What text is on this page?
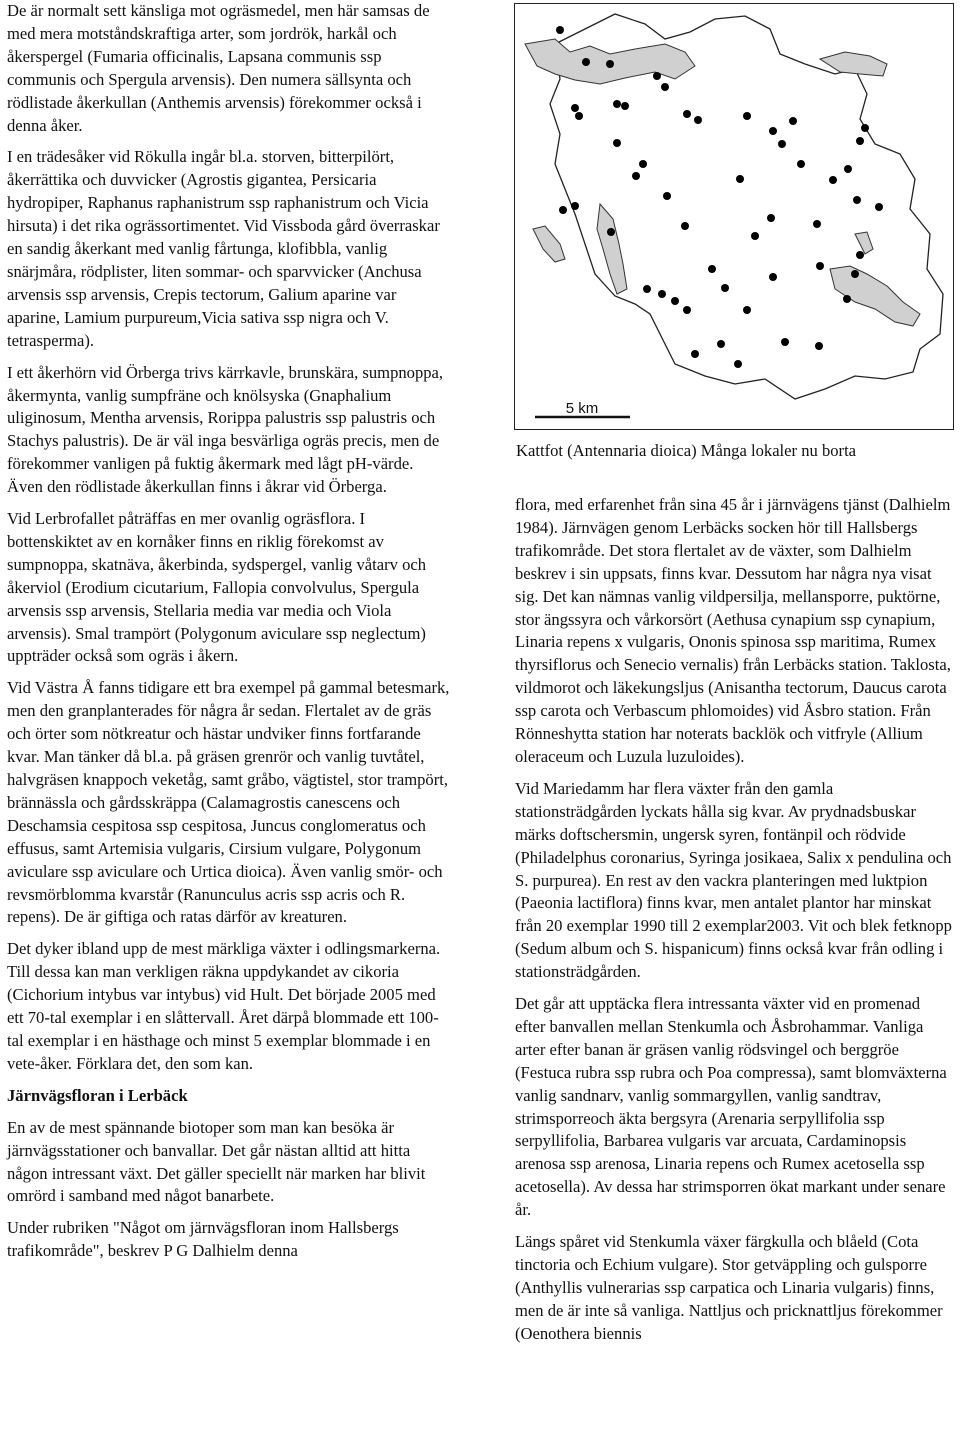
De är normalt sett känsliga mot ogräsmedel, men här samsas de med mera motståndskraftiga arter, som jordrök, harkål och åkerspergel (Fumaria officinalis, Lapsana communis ssp communis och Spergula arvensis). Den numera sällsynta och rödlistade åkerkullan (Anthemis arvensis) förekommer också i denna åker.

I en trädesåker vid Rökulla ingår bl.a. storven, bitterpilört, åkerrättika och duvvicker (Agrostis gigantea, Persicaria hydropiper, Raphanus raphanistrum ssp raphanistrum och Vicia hirsuta) i det rika ogrässortimentet. Vid Vissboda gård överraskar en sandig åkerkant med vanlig fårtunga, klofibbla, vanlig snärjmåra, rödplister, liten sommar- och sparvvicker (Anchusa arvensis ssp arvensis, Crepis tectorum, Galium aparine var aparine, Lamium purpureum,Vicia sativa ssp nigra och V. tetrasperma).

I ett åkerhörn vid Örberga trivs kärrkavle, brunskära, sumpnoppa, åkermynta, vanlig sumpfräne och knölsyska (Gnaphalium uliginosum, Mentha arvensis, Rorippa palustris ssp palustris och Stachys palustris). De är väl inga besvärliga ogräs precis, men de förekommer vanligen på fuktig åkermark med lågt pH-värde. Även den rödlistade åkerkullan finns i åkrar vid Örberga.

Vid Lerbrofallet påträffas en mer ovanlig ogräsflora. I bottenskiktet av en kornåker finns en riklig förekomst av sumpnoppa, skatnäva, åkerbinda, sydspergel, vanlig våtarv och åkerviol (Erodium cicutarium, Fallopia convolvulus, Spergula arvensis ssp arvensis, Stellaria media var media och Viola arvensis). Smal trampört (Polygonum aviculare ssp neglectum) uppträder också som ogräs i åkern.

Vid Västra Å fanns tidigare ett bra exempel på gammal betesmark, men den granplanterades för några år sedan. Flertalet av de gräs och örter som nötkreatur och hästar undviker finns fortfarande kvar. Man tänker då bl.a. på gräsen grenrör och vanlig tuvtåtel, halvgräsen knappoch veketåg, samt gråbo, vägtistel, stor trampört, brännässla och gårdsskräppa (Calamagrostis canescens och Deschamsia cespitosa ssp cespitosa, Juncus conglomeratus och effusus, samt Artemisia vulgaris, Cirsium vulgare, Polygonum aviculare ssp aviculare och Urtica dioica). Även vanlig smör- och revsmörblomma kvarstår (Ranunculus acris ssp acris och R. repens). De är giftiga och ratas därför av kreaturen.

Det dyker ibland upp de mest märkliga växter i odlingsmarkerna. Till dessa kan man verkligen räkna uppdykandet av cikoria (Cichorium intybus var intybus) vid Hult. Det började 2005 med ett 70-tal exemplar i en slåttervall. Året därpå blommade ett 100-tal exemplar i en hästhage och minst 5 exemplar blommade i en vete-åker. Förklara det, den som kan.

Järnvägsfloran i Lerbäck

En av de mest spännande biotoper som man kan besöka är järnvägsstationer och banvallar. Det går nästan alltid att hitta någon intressant växt. Det gäller speciellt när marken har blivit omrörd i samband med något banarbete.

Under rubriken "Något om järnvägsfloran inom Hallsbergs trafikområde", beskrev P G Dalhielm denna

5 km
Kattfot (Antennaria dioica) Många lokaler nu borta

flora, med erfarenhet från sina 45 år i järnvägens tjänst (Dalhielm 1984). Järnvägen genom Lerbäcks socken hör till Hallsbergs trafikområde. Det stora flertalet av de växter, som Dalhielm beskrev i sin uppsats, finns kvar. Dessutom har några nya visat sig. Det kan nämnas vanlig vildpersilja, mellansporre, puktörne, stor ängssyra och vårkorsört (Aethusa cynapium ssp cynapium, Linaria repens x vulgaris, Ononis spinosa ssp maritima, Rumex thyrsiflorus och Senecio vernalis) från Lerbäcks station. Taklosta, vildmorot och läkekungsljus (Anisantha tectorum, Daucus carota ssp carota och Verbascum phlomoides) vid Åsbro station. Från Rönneshytta station har noterats backlök och vitfryle (Allium oleraceum och Luzula luzuloides).

Vid Mariedamm har flera växter från den gamla stationsträdgården lyckats hålla sig kvar. Av prydnadsbuskar märks doftschersmin, ungersk syren, fontänpil och rödvide (Philadelphus coronarius, Syringa josikaea, Salix x pendulina och S. purpurea). En rest av den vackra planteringen med luktpion (Paeonia lactiflora) finns kvar, men antalet plantor har minskat från 20 exemplar 1990 till 2 exemplar2003. Vit och blek fetknopp (Sedum album och S. hispanicum) finns också kvar från odling i stationsträdgården.

Det går att upptäcka flera intressanta växter vid en promenad efter banvallen mellan Stenkumla och Åsbrohammar. Vanliga arter efter banan är gräsen vanlig rödsvingel och berggröe (Festuca rubra ssp rubra och Poa compressa), samt blomväxterna vanlig sandnarv, vanlig sommargyllen, vanlig sandtrav, strimsporreoch äkta bergsyra (Arenaria serpyllifolia ssp serpyllifolia, Barbarea vulgaris var arcuata, Cardaminopsis arenosa ssp arenosa, Linaria repens och Rumex acetosella ssp acetosella). Av dessa har strimsporren ökat markant under senare år.

Längs spåret vid Stenkumla växer färgkulla och blåeld (Cota tinctoria och Echium vulgare). Stor getväppling och gulsporre (Anthyllis vulnerarias ssp carpatica och Linaria vulgaris) finns, men de är inte så vanliga. Nattljus och pricknattljus förekommer (Oenothera biennis
